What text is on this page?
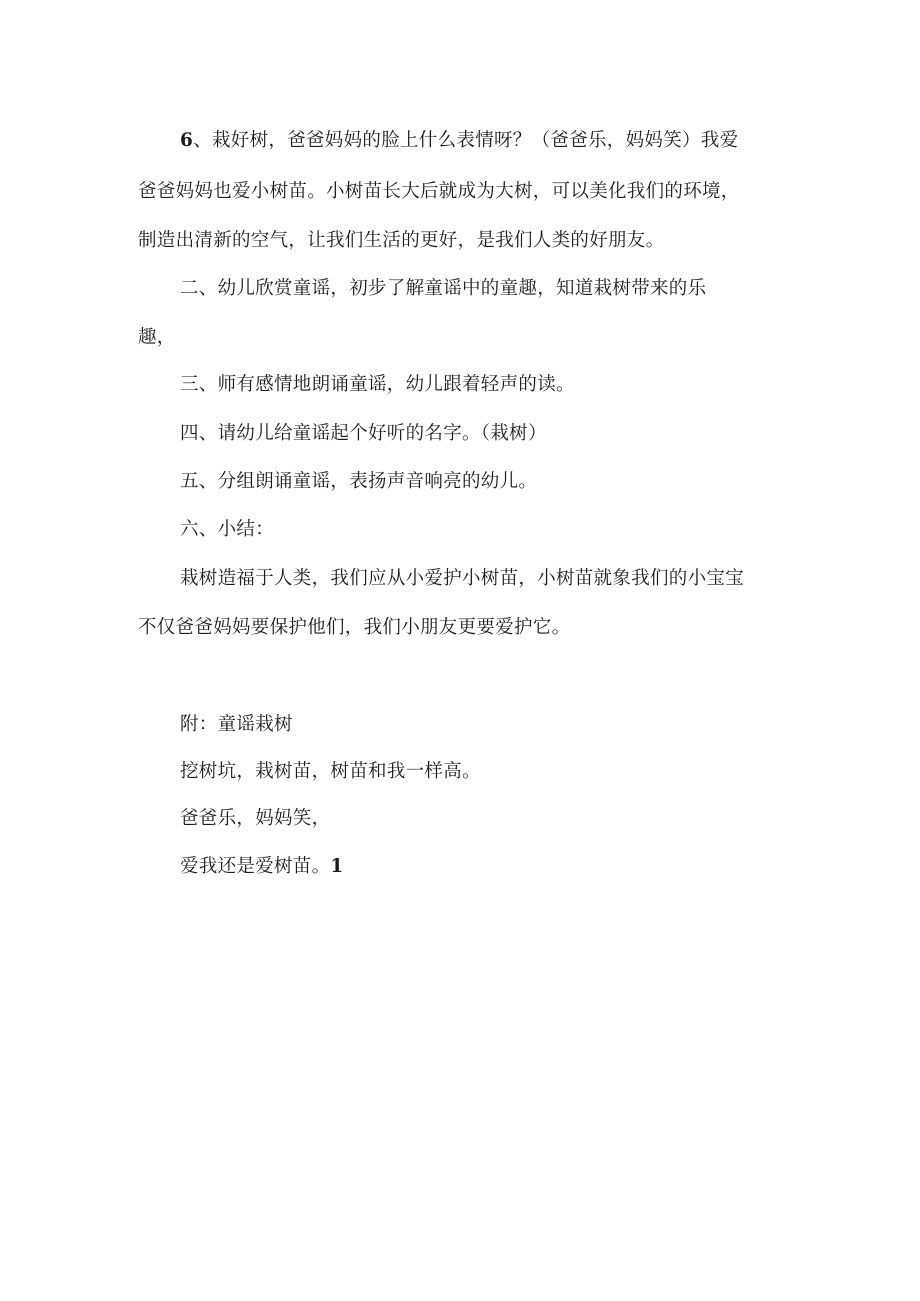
6、栽好树，爸爸妈妈的脸上什么表情呀？（爸爸乐，妈妈笑）我爱
爸爸妈妈也爱小树苗。小树苗长大后就成为大树，可以美化我们的环境，
制造出清新的空气，让我们生活的更好，是我们人类的好朋友。
二、幼儿欣赏童谣，初步了解童谣中的童趣，知道栽树带来的乐
趣，
三、师有感情地朗诵童谣，幼儿跟着轻声的读。
四、请幼儿给童谣起个好听的名字。（栽树）
五、分组朗诵童谣，表扬声音响亮的幼儿。
六、小结：
栽树造福于人类，我们应从小爱护小树苗，小树苗就象我们的小宝宝
不仅爸爸妈妈要保护他们，我们小朋友更要爱护它。
附：童谣栽树
挖树坑，栽树苗，树苗和我一样高。
爸爸乐，妈妈笑，
爱我还是爱树苗。1
